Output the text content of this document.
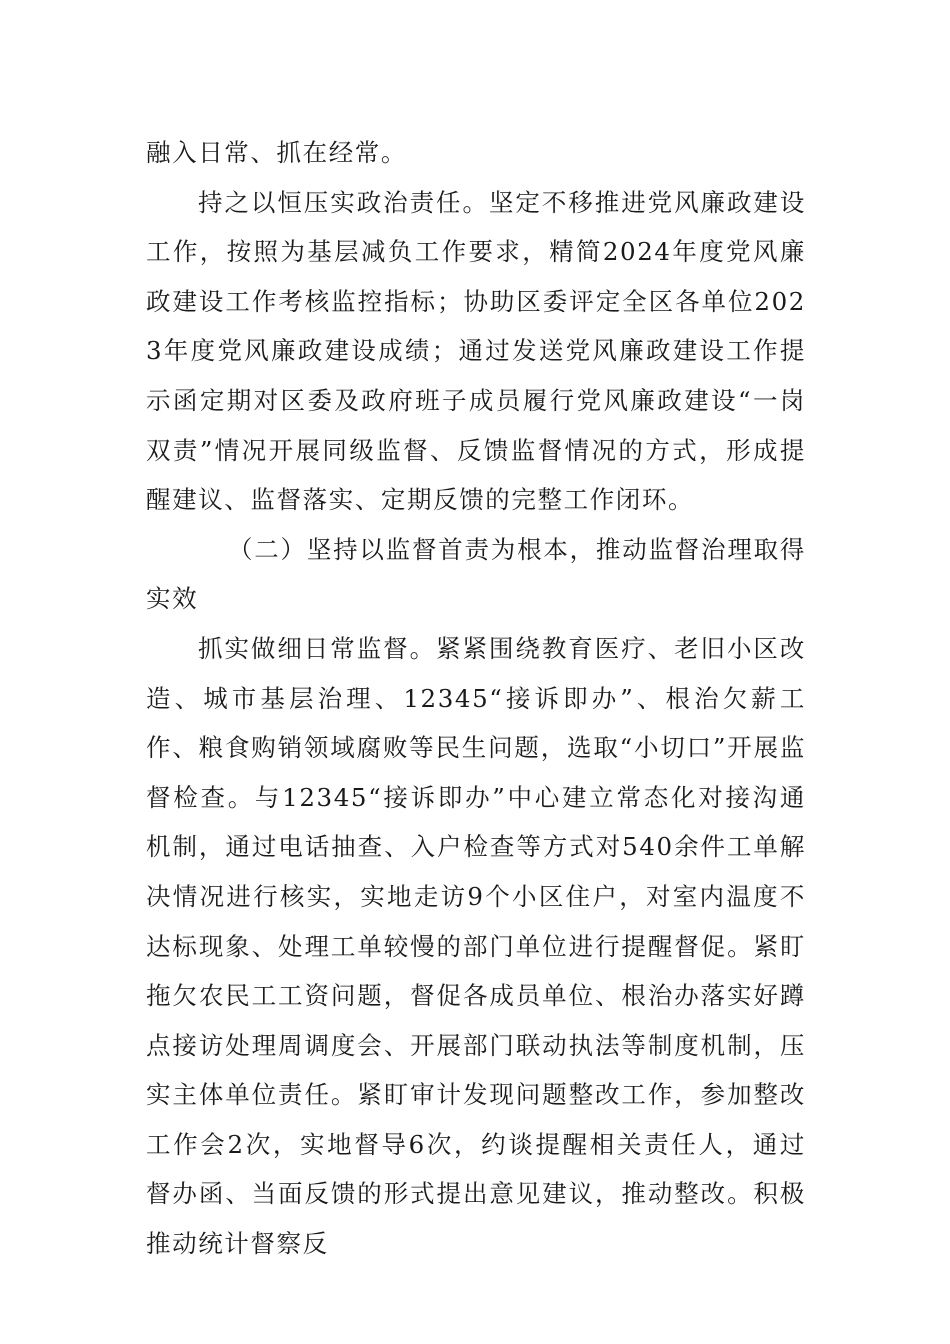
融入日常、抓在经常。

持之以恒压实政治责任。坚定不移推进党风廉政建设工作，按照为基层减负工作要求，精简2024年度党风廉政建设工作考核监控指标；协助区委评定全区各单位2023年度党风廉政建设成绩；通过发送党风廉政建设工作提示函定期对区委及政府班子成员履行党风廉政建设“一岗双责”情况开展同级监督、反馈监督情况的方式，形成提醒建议、监督落实、定期反馈的完整工作闭环。

（二）坚持以监督首责为根本，推动监督治理取得实效

抓实做细日常监督。紧紧围绕教育医疗、老旧小区改造、城市基层治理、12345“接诉即办”、根治欠薪工作、粮食购销领域腐败等民生问题，选取“小切口”开展监督检查。与12345“接诉即办”中心建立常态化对接沟通机制，通过电话抽查、入户检查等方式对540余件工单解决情况进行核实，实地走访9个小区住户，对室内温度不达标现象、处理工单较慢的部门单位进行提醒督促。紧盯拖欠农民工工资问题，督促各成员单位、根治办落实好蹲点接访处理周调度会、开展部门联动执法等制度机制，压实主体单位责任。紧盯审计发现问题整改工作，参加整改工作会2次，实地督导6次，约谈提醒相关责任人，通过督办函、当面反馈的形式提出意见建议，推动整改。积极推动统计督察反
